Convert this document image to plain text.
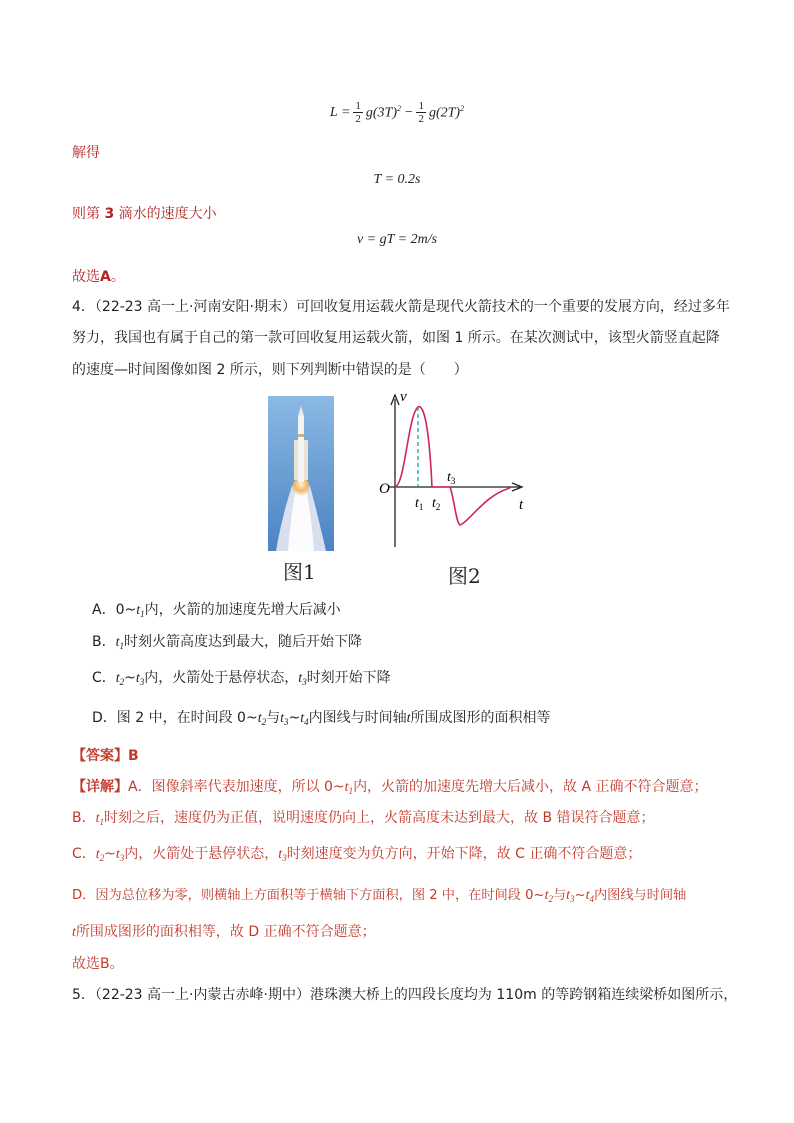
$L = \frac{1}{2} g(3T)^2 - \frac{1}{2} g(2T)^2$
解得
T = 0.2s
则第 3 滴水的速度大小
v = gT = 2m/s
故选A。
4．（22-23 高一上·河南安阳·期末）可回收复用运载火箭是现代火箭技术的一个重要的发展方向，经过多年
努力，我国也有属于自己的第一款可回收复用运载火箭，如图 1 所示。在某次测试中，该型火箭竖直起降
的速度—时间图像如图 2 所示，则下列判断中错误的是（　　）
图1
v
O
t
$t_1$ $t_2$
$t_3$
图2
A．$0\sim t_1$内，火箭的加速度先增大后减小
B．$t_1$时刻火箭高度达到最大，随后开始下降
C．$t_2\sim t_3$内，火箭处于悬停状态，$t_3$时刻开始下降
D．图 2 中，在时间段 $0\sim t_2$与$t_3\sim t_4$内图线与时间轴t所围成图形的面积相等
【答案】B
【详解】A．图像斜率代表加速度，所以 $0\sim t_1$内，火箭的加速度先增大后减小，故 A 正确不符合题意；
B．$t_1$时刻之后，速度仍为正值，说明速度仍向上，火箭高度未达到最大，故 B 错误符合题意；
C．$t_2\sim t_3$内，火箭处于悬停状态，$t_3$时刻速度变为负方向，开始下降，故 C 正确不符合题意；
D．因为总位移为零，则横轴上方面积等于横轴下方面积，图 2 中，在时间段 $0\sim t_2$与$t_3\sim t_4$内图线与时间轴
t所围成图形的面积相等，故 D 正确不符合题意；
故选B。
5．（22-23 高一上·内蒙古赤峰·期中）港珠澳大桥上的四段长度均为 110m 的等跨钢箱连续梁桥如图所示，
